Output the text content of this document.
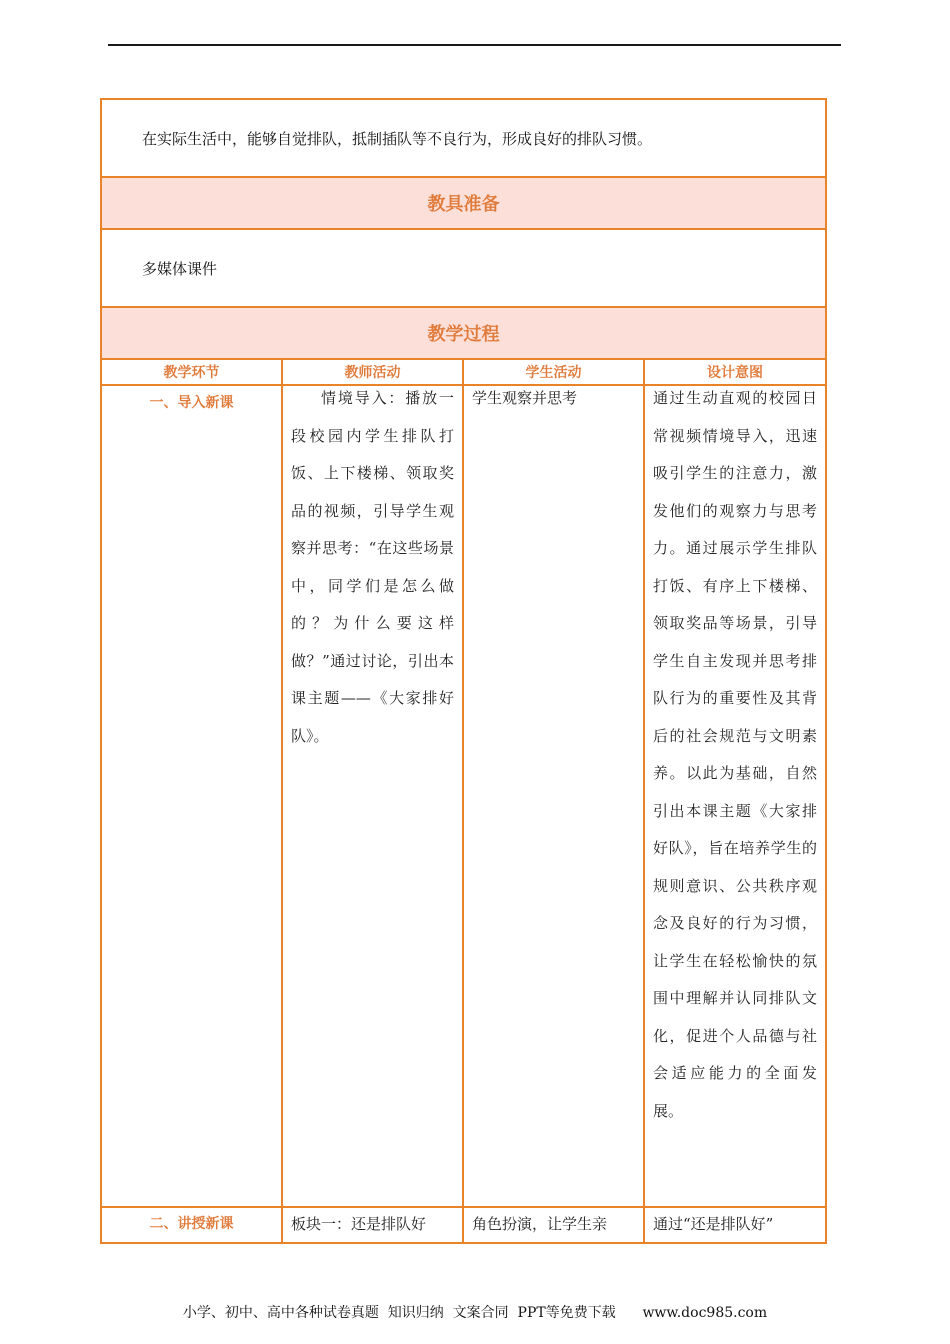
在实际生活中，能够自觉排队，抵制插队等不良行为，形成良好的排队习惯。			

教具准备			

多媒体课件			

教学过程			
教学环节	教师活动	学生活动	设计意图

一、导入新课	情境导入：播放一段校园内学生排队打饭、上下楼梯、领取奖品的视频，引导学生观察并思考：“在这些场景中，同学们是怎么做的？为什么要这样做？”通过讨论，引出本课主题——《大家排好队》。	学生观察并思考	通过生动直观的校园日常视频情境导入，迅速吸引学生的注意力，激发他们的观察力与思考力。通过展示学生排队打饭、有序上下楼梯、领取奖品等场景，引导学生自主发现并思考排队行为的重要性及其背后的社会规范与文明素养。以此为基础，自然引出本课主题《大家排好队》，旨在培养学生的规则意识、公共秩序观念及良好的行为习惯，让学生在轻松愉快的氛围中理解并认同排队文化，促进个人品德与社会适应能力的全面发展。

二、讲授新课	板块一：还是排队好	角色扮演，让学生亲	通过“还是排队好”
小学、初中、高中各种试卷真题  知识归纳  文案合同  PPT等免费下载      www.doc985.com
